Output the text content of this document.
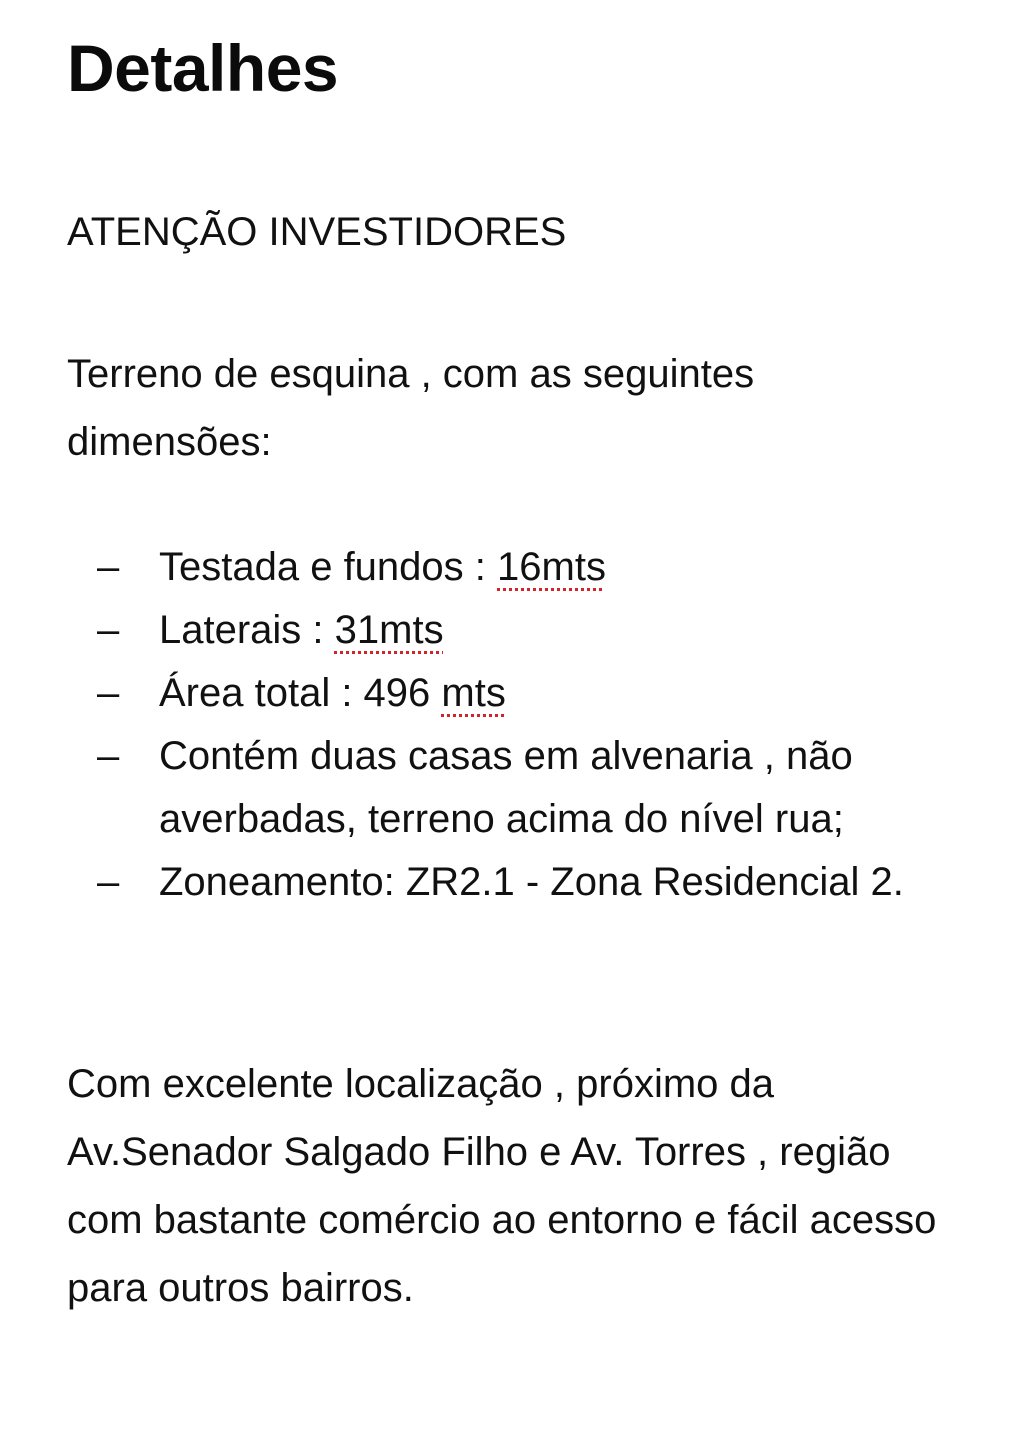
Detalhes

ATENÇÃO INVESTIDORES

Terreno de esquina , com as seguintes dimensões:

– Testada e fundos : 16mts
– Laterais : 31mts
– Área total : 496 mts
– Contém duas casas em alvenaria , não averbadas, terreno acima do nível rua;
– Zoneamento: ZR2.1 - Zona Residencial 2.

Com excelente localização , próximo da Av.Senador Salgado Filho e Av. Torres , região com bastante comércio ao entorno e fácil acesso para outros bairros.
